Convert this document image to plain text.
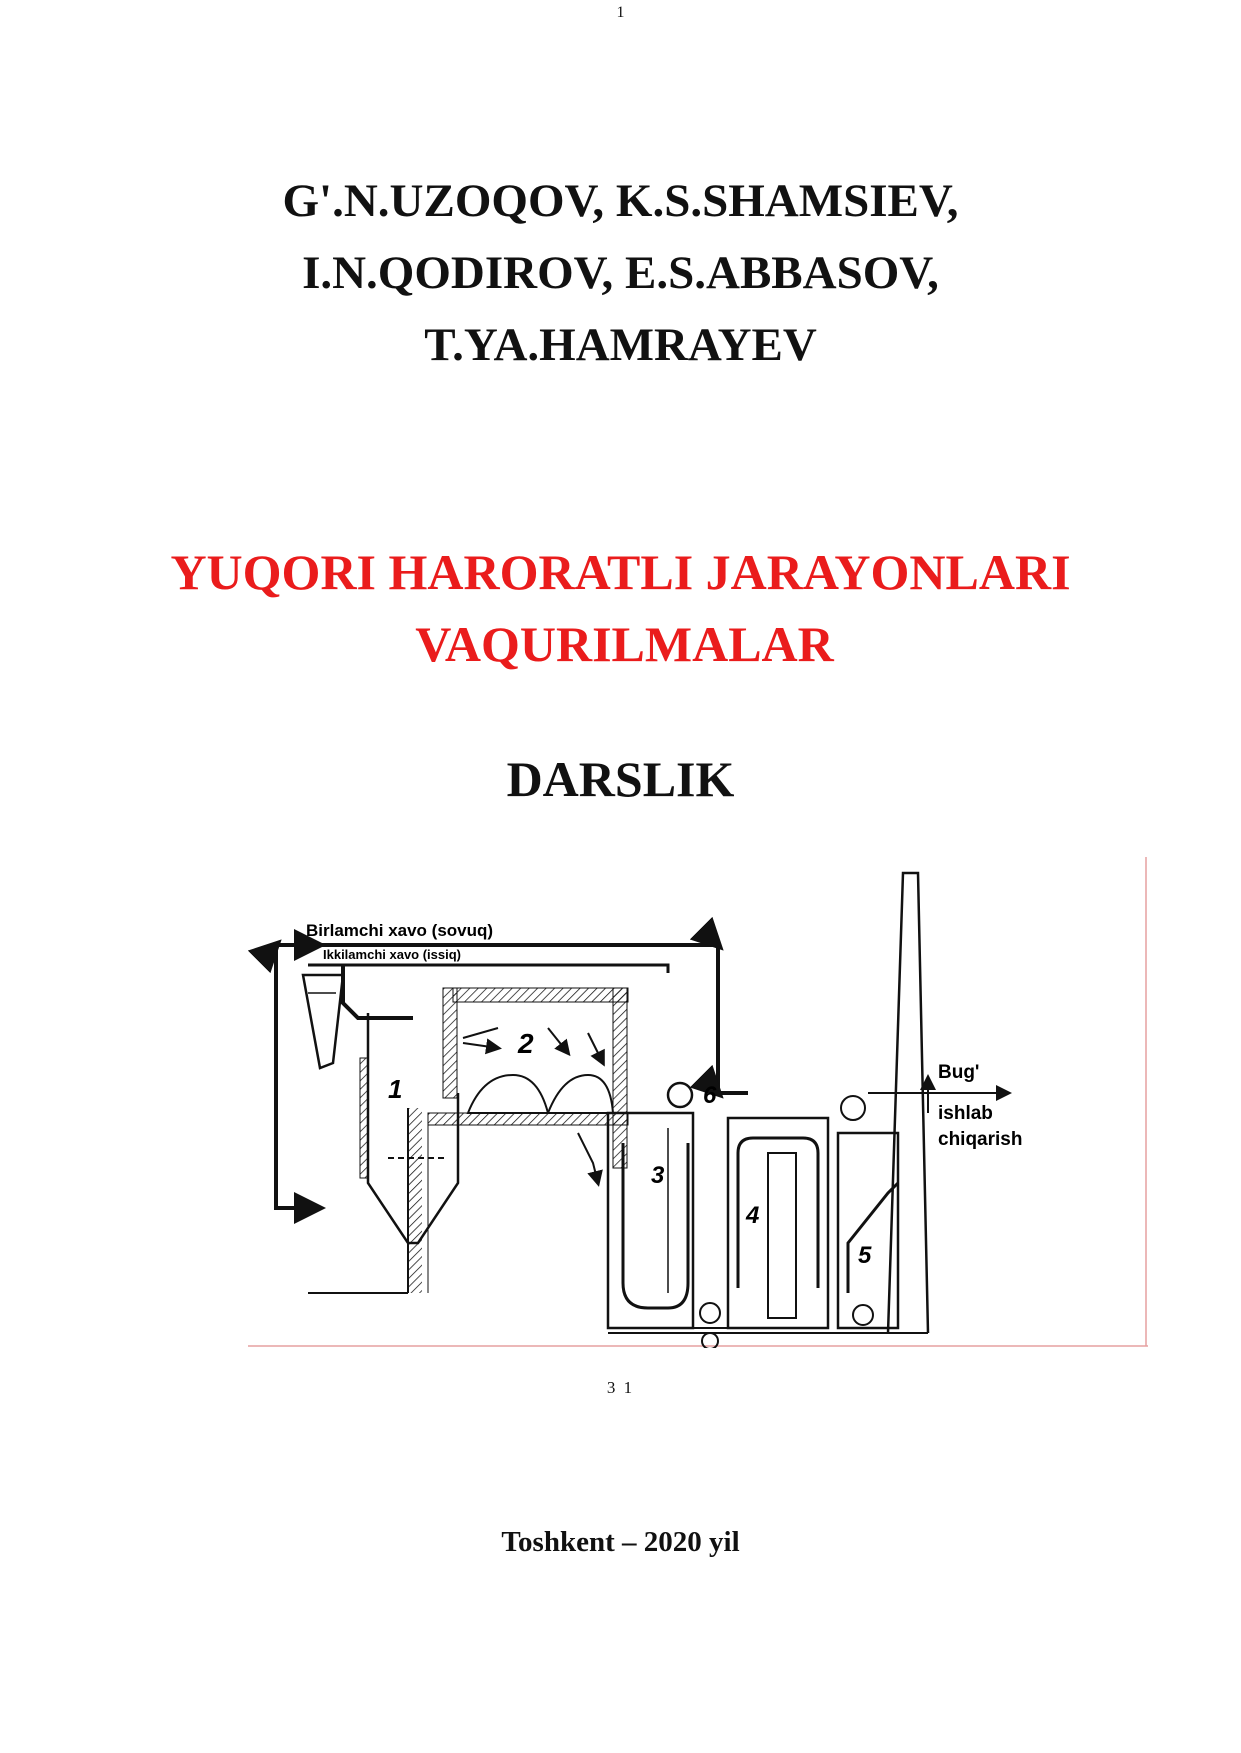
1
G'.N.UZOQOV, K.S.SHAMSIEV,
I.N.QODIROV, E.S.ABBASOV,
T.YA.HAMRAYEV
YUQORI HARORATLI JARAYONLARI
VAQURILMALAR
DARSLIK
1
2
3
6
4
5
Birlamchi xavo (sovuq)
Ikkilamchi xavo (issiq)
Bug'
ishlab
chiqarish
3 1
Toshkent – 2020 yil
